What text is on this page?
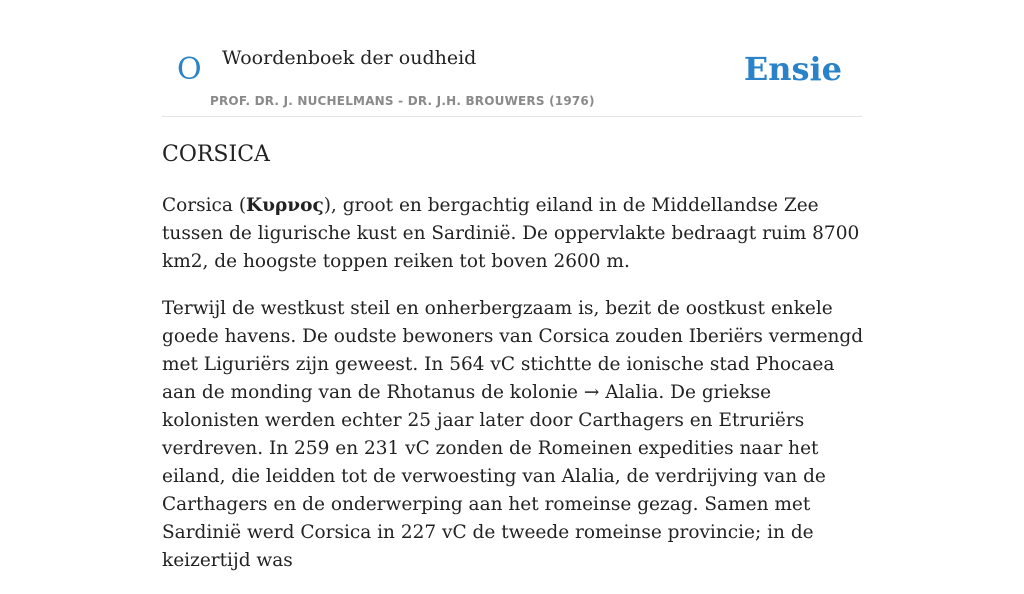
O Woordenboek der oudheid
PROF. DR. J. NUCHELMANS - DR. J.H. BROUWERS (1976)
Ensie
CORSICA

Corsica (Κυρνος), groot en bergachtig eiland in de Middellandse Zee tussen de ligurische kust en Sardinië. De oppervlakte bedraagt ruim 8700 km2, de hoogste toppen reiken tot boven 2600 m.

Terwijl de westkust steil en onherbergzaam is, bezit de oostkust enkele goede havens. De oudste bewoners van Corsica zouden Iberiërs vermengd met Liguriërs zijn geweest. In 564 vC stichtte de ionische stad Phocaea aan de monding van de Rhotanus de kolonie → Alalia. De griekse kolonisten werden echter 25 jaar later door Carthagers en Etruriërs verdreven. In 259 en 231 vC zonden de Romeinen expedities naar het eiland, die leidden tot de verwoesting van Alalia, de verdrijving van de Carthagers en de onderwerping aan het romeinse gezag. Samen met Sardinië werd Corsica in 227 vC de tweede romeinse provincie; in de keizertijd was
